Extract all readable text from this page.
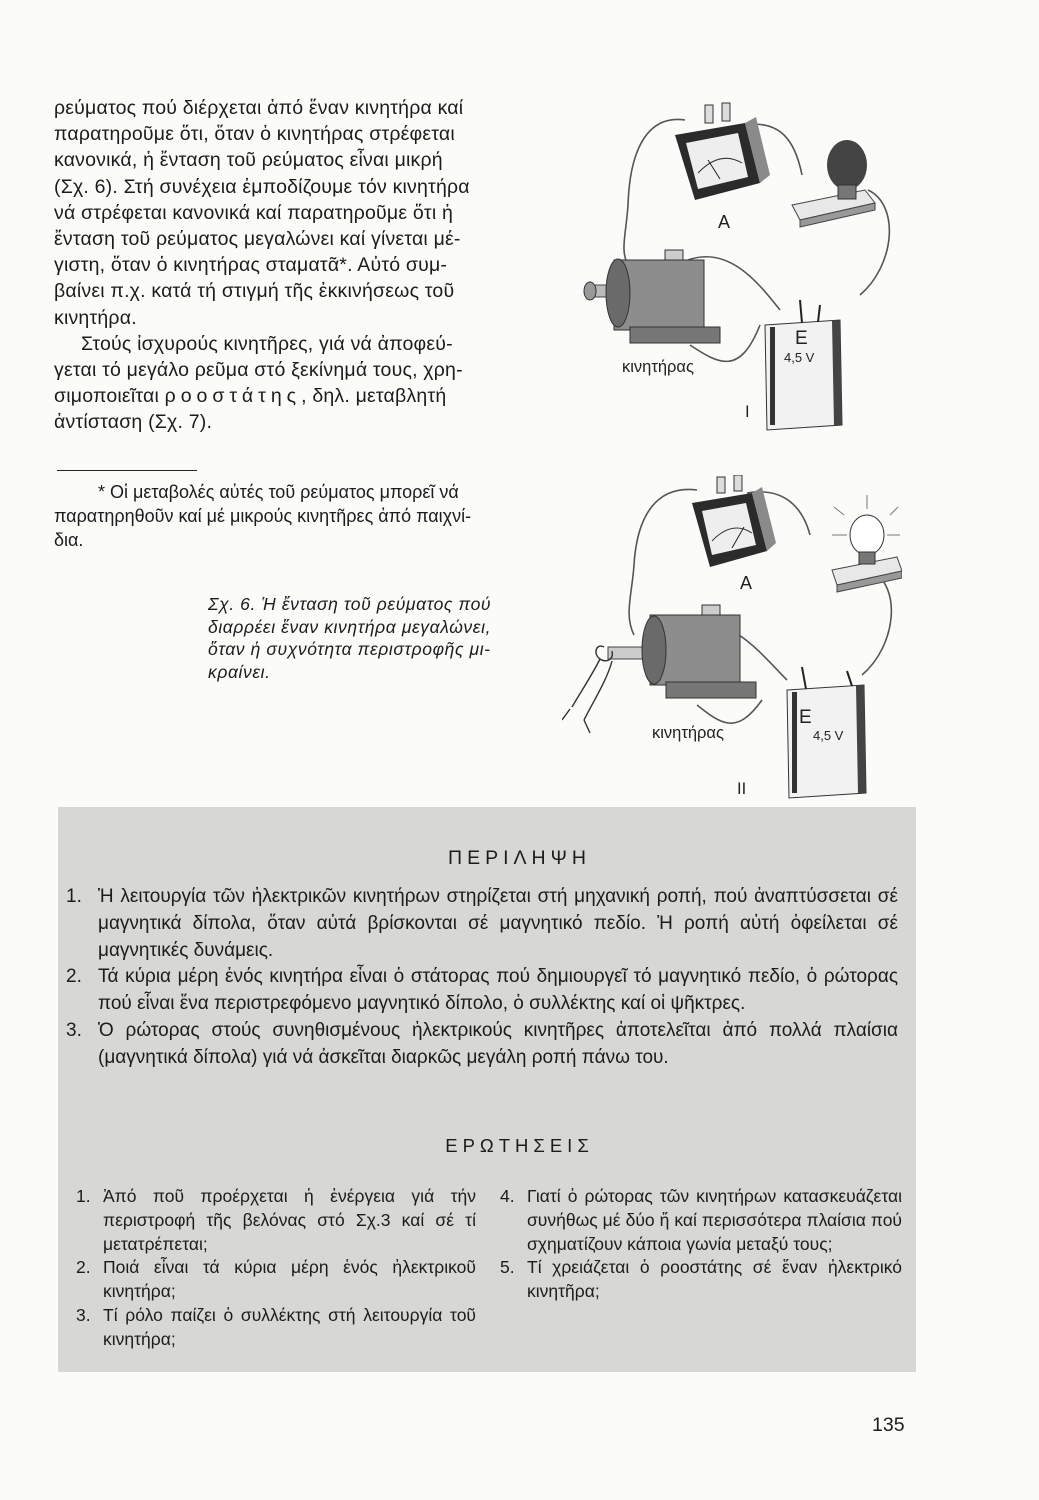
ρεύματος πού διέρχεται ἀπό ἕναν κινητήρα καί

παρατηροῦμε ὅτι, ὅταν ὁ κινητήρας στρέφεται

κανονικά, ἡ ἔνταση τοῦ ρεύματος εἶναι μικρή

(Σχ. 6). Στή συνέχεια ἐμποδίζουμε τόν κινητήρα

νά στρέφεται κανονικά καί παρατηροῦμε ὅτι ἡ

ἔνταση τοῦ ρεύματος μεγαλώνει καί γίνεται μέ-

γιστη, ὅταν ὁ κινητήρας σταματᾶ*. Αὐτό συμ-

βαίνει π.χ. κατά τή στιγμή τῆς ἐκκινήσεως τοῦ

κινητήρα.

Στούς ἰσχυρούς κινητῆρες, γιά νά ἀποφεύ-

γεται τό μεγάλο ρεῦμα στό ξεκίνημά τους, χρη-

σιμοποιεῖται ροοστάτης, δηλ. μεταβλητή

ἀντίσταση (Σχ. 7).

* Οἱ μεταβολές αὐτές τοῦ ρεύματος μπορεῖ νά
παρατηρηθοῦν καί μέ μικρούς κινητῆρες ἀπό παιχνί-
δια.
Σχ. 6. Ἡ ἔνταση τοῦ ρεύματος πού
διαρρέει ἕναν κινητήρα μεγαλώνει,
ὅταν ἡ συχνότητα περιστροφῆς μι-
κραίνει.
A
E
4,5 V
κινητήρας
I
A
E
4,5 V
κινητήρας
II
ΠΕΡΙΛΗΨΗ

1. Ἡ λειτουργία τῶν ἠλεκτρικῶν κινητήρων στηρίζεται στή μηχανική ροπή, πού ἀναπτύσσεται σέ μαγνητικά δίπολα, ὅταν αὐτά βρίσκονται σέ μαγνητικό πεδίο. Ἡ ροπή αὐτή ὀφείλεται σέ μαγνητικές δυνάμεις.

2. Τά κύρια μέρη ἑνός κινητήρα εἶναι ὁ στάτορας πού δημιουργεῖ τό μαγνητικό πεδίο, ὁ ρώτορας πού εἶναι ἕνα περιστρεφόμενο μαγνητικό δίπολο, ὁ συλλέκτης καί οἱ ψῆκτρες.

3. Ὁ ρώτορας στούς συνηθισμένους ἠλεκτρικούς κινητῆρες ἀποτελεῖται ἀπό πολλά πλαίσια (μαγνητικά δίπολα) γιά νά ἀσκεῖται διαρκῶς μεγάλη ροπή πάνω του.

ΕΡΩΤΗΣΕΙΣ

1. Ἀπό ποῦ προέρχεται ἡ ἐνέργεια γιά τήν περιστροφή τῆς βελόνας στό Σχ.3 καί σέ τί μετατρέπεται;

2. Ποιά εἶναι τά κύρια μέρη ἑνός ἠλεκτρικοῦ κινητήρα;

3. Τί ρόλο παίζει ὁ συλλέκτης στή λειτουργία τοῦ κινητήρα;

4. Γιατί ὁ ρώτορας τῶν κινητήρων κατασκευάζεται συνήθως μέ δύο ἤ καί περισσότερα πλαίσια πού σχηματίζουν κάποια γωνία μεταξύ τους;

5. Τί χρειάζεται ὁ ροοστάτης σέ ἕναν ἠλεκτρικό κινητῆρα;

135
